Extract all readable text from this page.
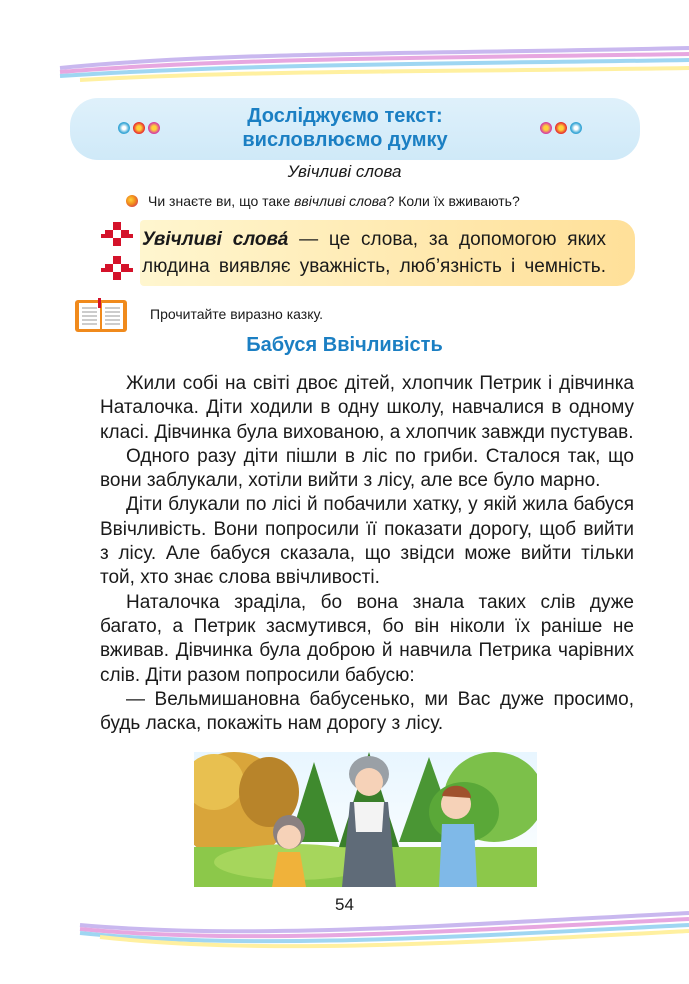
Досліджуємо текст:
висловлюємо думку
Увічливі слова
Чи знаєте ви, що таке ввічливі слова? Коли їх вживають?
Увічливі слова́ — це слова, за допомогою яких людина виявляє уважність, люб’язність і чемність.
Прочитайте виразно казку.
Бабуся Ввічливість

Жили собі на світі двоє дітей, хлопчик Петрик і дівчинка Наталочка. Діти ходили в одну школу, навчалися в одному класі. Дівчинка була вихованою, а хлопчик завжди пустував.

Одного разу діти пішли в ліс по гриби. Сталося так, що вони заблукали, хотіли вийти з лісу, але все було марно.

Діти блукали по лісі й побачили хатку, у якій жила бабуся Ввічливість. Вони попросили її показати дорогу, щоб вийти з лісу. Але бабуся сказала, що звідси може вийти тільки той, хто знає слова ввічливості.

Наталочка зраділа, бо вона знала таких слів дуже багато, а Петрик засмутився, бо він ніколи їх раніше не вживав. Дівчинка була доброю й навчила Петрика чарівних слів. Діти разом попросили бабусю:

— Вельмишановна бабусенько, ми Вас дуже просимо, будь ласка, покажіть нам дорогу з лісу.

54
